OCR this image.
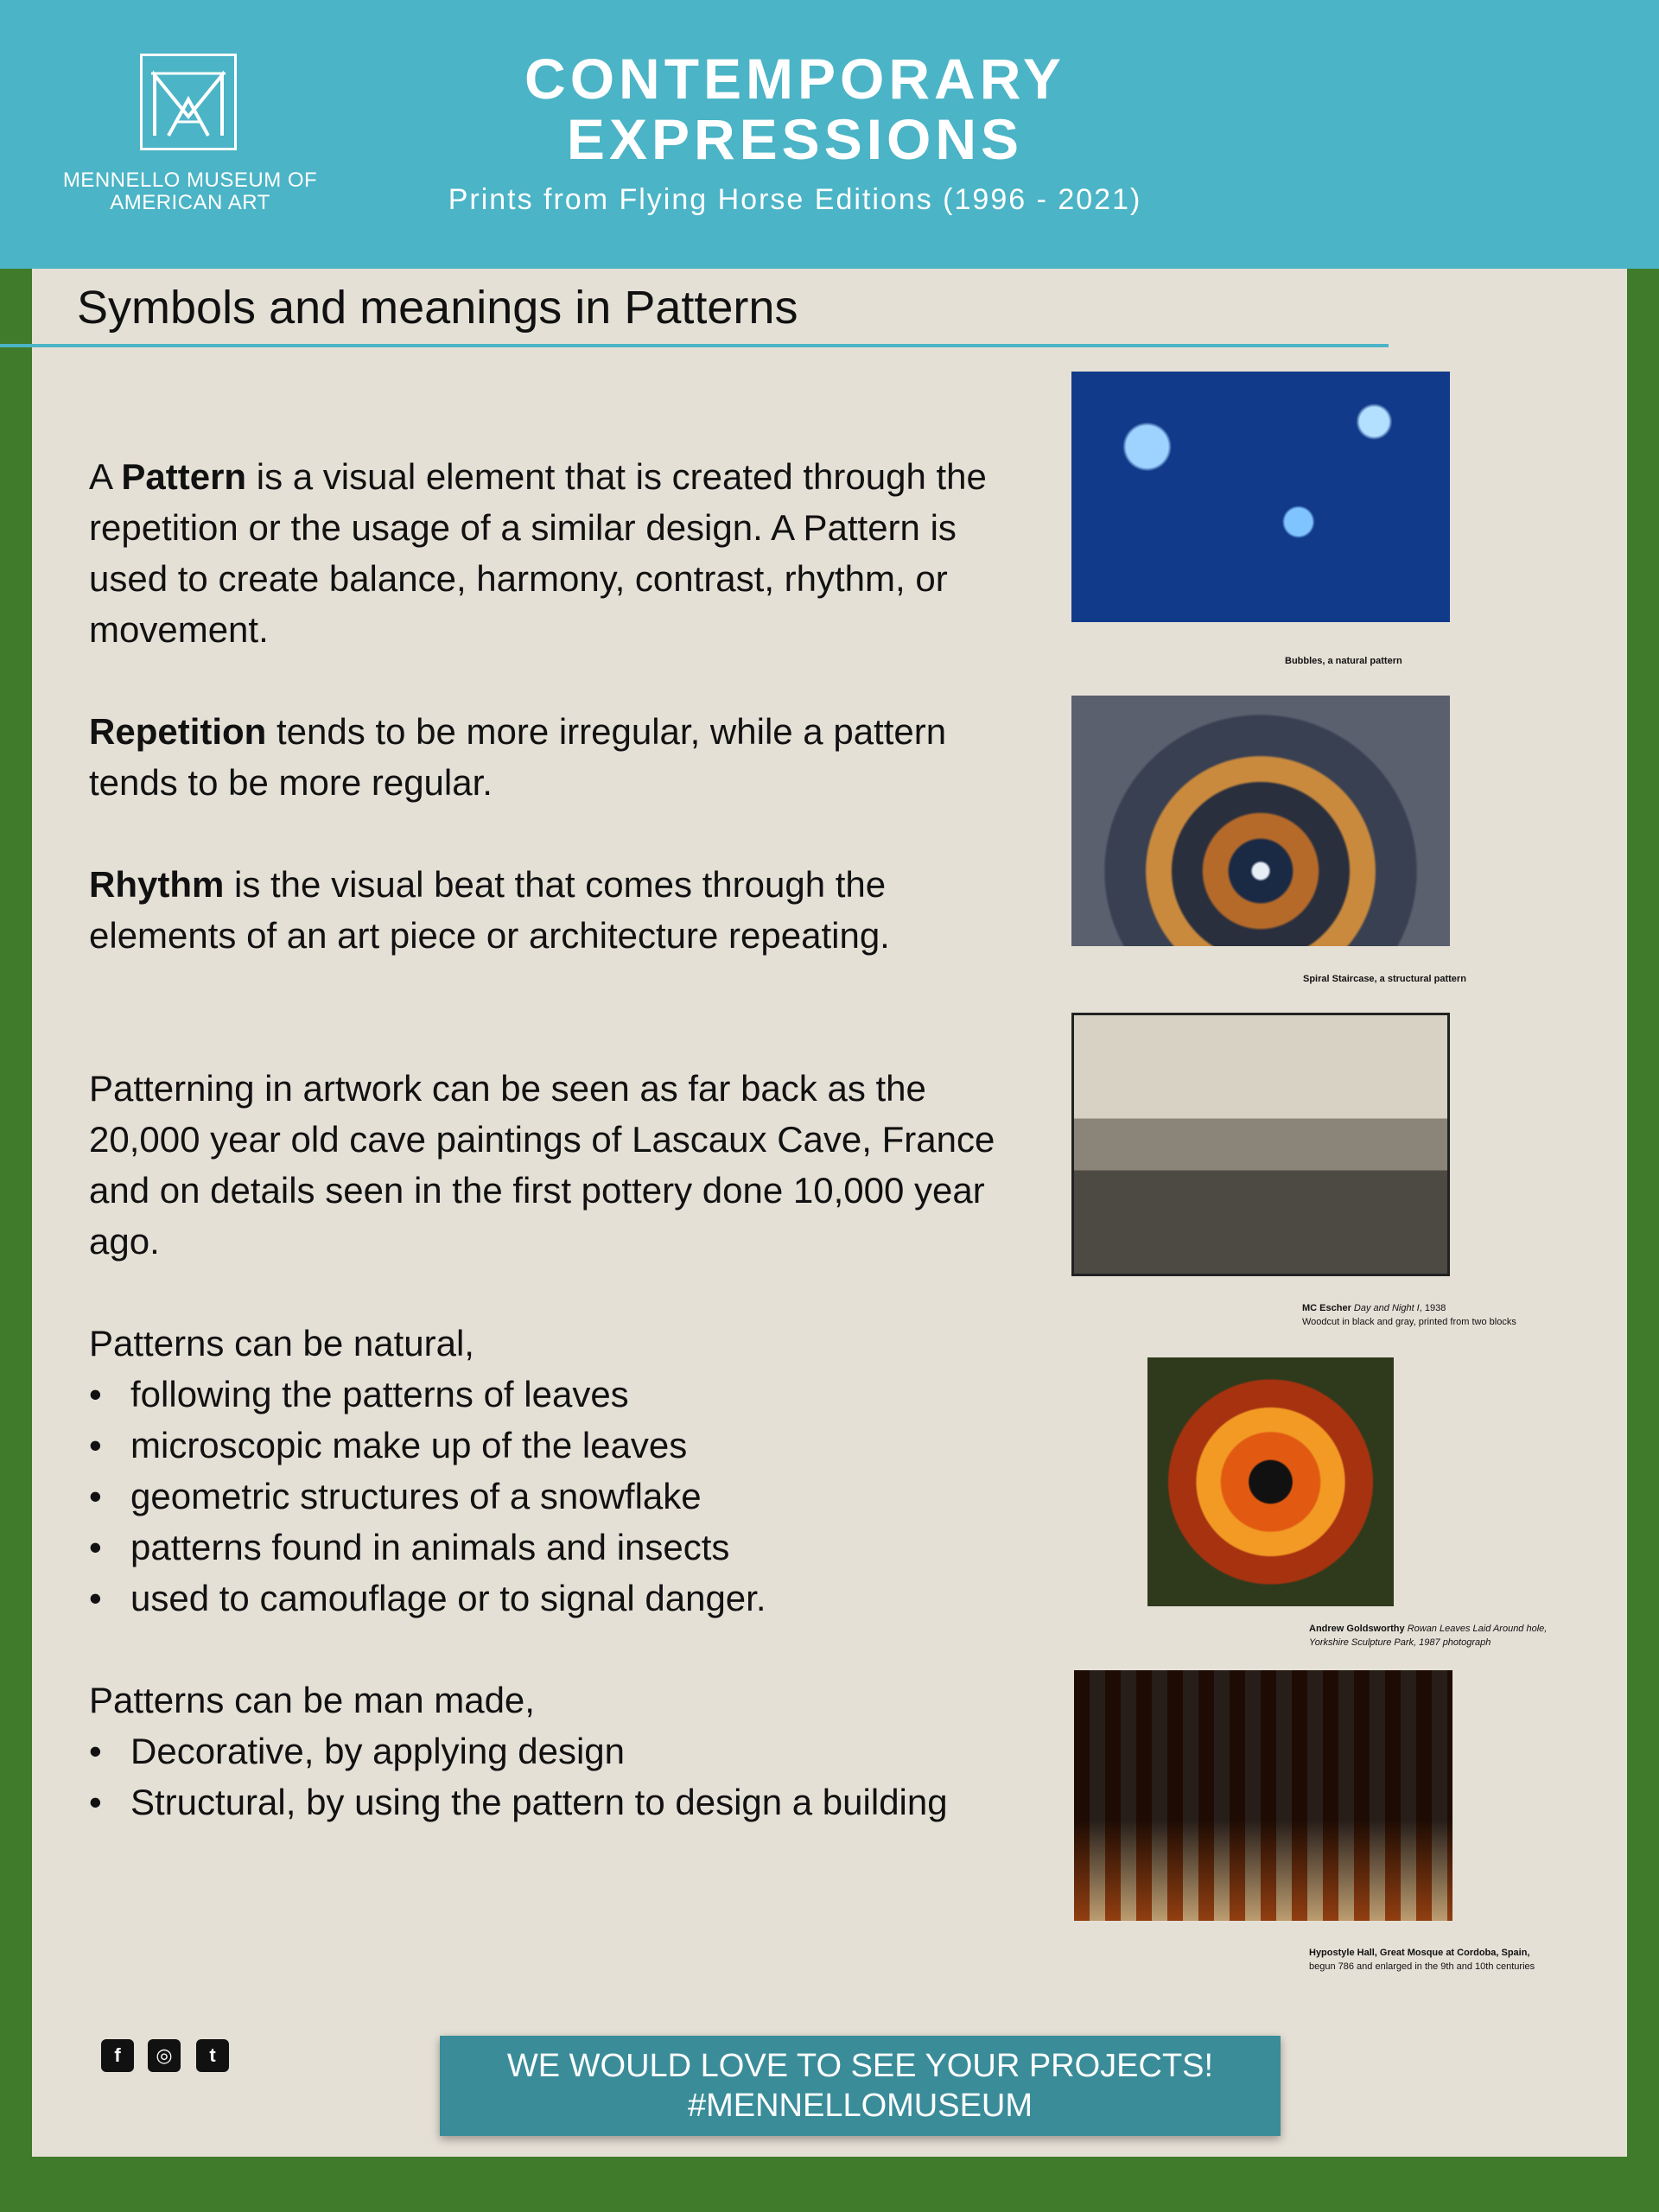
MENNELLO MUSEUM OF AMERICAN ART
CONTEMPORARY EXPRESSIONS
Prints from Flying Horse Editions (1996 - 2021)
Symbols and meanings in Patterns

A Pattern is a visual element that is created through the repetition or the usage of a similar design. A Pattern is used to create balance, harmony, contrast, rhythm, or movement.

Repetition tends to be more irregular, while a pattern tends to be more regular.

Rhythm is the visual beat that comes through the elements of an art piece or architecture repeating.

Patterning in artwork can be seen as far back as the 20,000 year old cave paintings of Lascaux Cave, France and on details seen in the first pottery done 10,000 year ago.

Patterns can be natural,

• following the patterns of leaves
• microscopic make up of the leaves
• geometric structures of a snowflake
• patterns found in animals and insects
• used to camouflage or to signal danger.

Patterns can be man made,

• Decorative, by applying design
• Structural, by using the pattern to design a building
Bubbles, a natural pattern
Spiral Staircase, a structural pattern
MC Escher Day and Night I, 1938
Woodcut in black and gray, printed from two blocks
Andrew Goldsworthy Rowan Leaves Laid Around hole,
Yorkshire Sculpture Park, 1987 photograph
Hypostyle Hall, Great Mosque at Cordoba, Spain,
begun 786 and enlarged in the 9th and 10th centuries
f	◎	t	WE WOULD LOVE TO SEE YOUR PROJECTS!
#MENNELLOMUSEUM
